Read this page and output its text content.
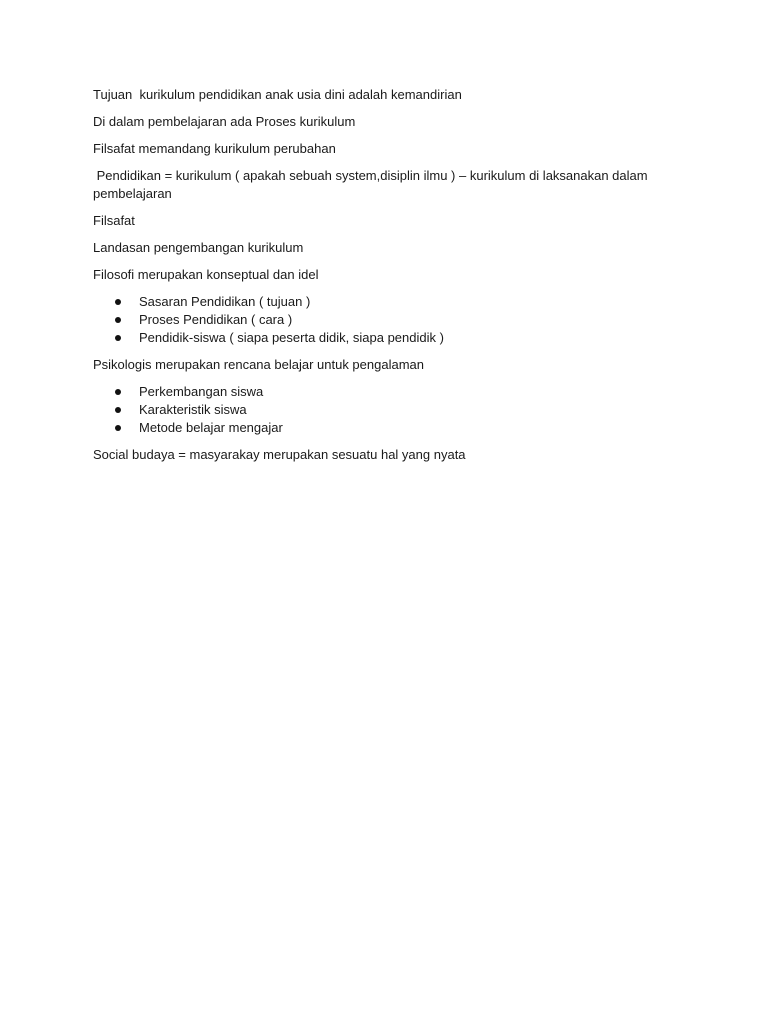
Tujuan  kurikulum pendidikan anak usia dini adalah kemandirian

Di dalam pembelajaran ada Proses kurikulum

Filsafat memandang kurikulum perubahan

Pendidikan = kurikulum ( apakah sebuah system,disiplin ilmu ) – kurikulum di laksanakan dalam pembelajaran

Filsafat

Landasan pengembangan kurikulum

Filosofi merupakan konseptual dan idel

Sasaran Pendidikan ( tujuan )
Proses Pendidikan ( cara )
Pendidik-siswa ( siapa peserta didik, siapa pendidik )

Psikologis merupakan rencana belajar untuk pengalaman

Perkembangan siswa
Karakteristik siswa
Metode belajar mengajar

Social budaya = masyarakay merupakan sesuatu hal yang nyata
